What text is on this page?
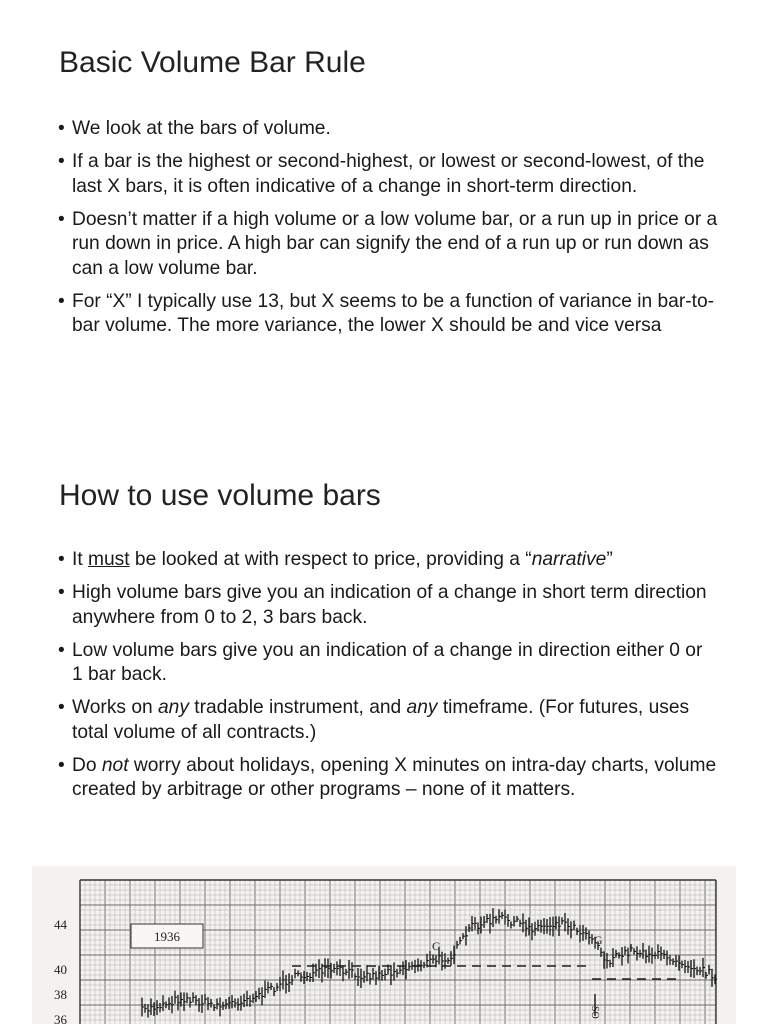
Basic Volume Bar Rule
• We look at the bars of volume.
• If a bar is the highest or second-highest, or lowest or second-lowest, of the last X bars, it is often indicative of a change in short-term direction.
• Doesn’t matter if a high volume or a low volume bar, or a run up in price or a run down in price. A high bar can signify the end of a run up or run down as can a low volume bar.
• For “X” I typically use 13, but X seems to be a function of variance in bar-to-bar volume. The more variance, the lower X should be and vice versa
How to use volume bars
• It must be looked at with respect to price, providing a “narrative”
• High volume bars give you an indication of a change in short term direction anywhere from 0 to 2, 3 bars back.
• Low volume bars give you an indication of a change in direction either 0 or 1 bar back.
• Works on any tradable instrument, and any timeframe. (For futures, uses total volume of all contracts.)
• Do not worry about holidays, opening X minutes on intra-day charts, volume created by arbitrage or other programs – none of it matters.
1936
44
40
38
36
G	G
SO
